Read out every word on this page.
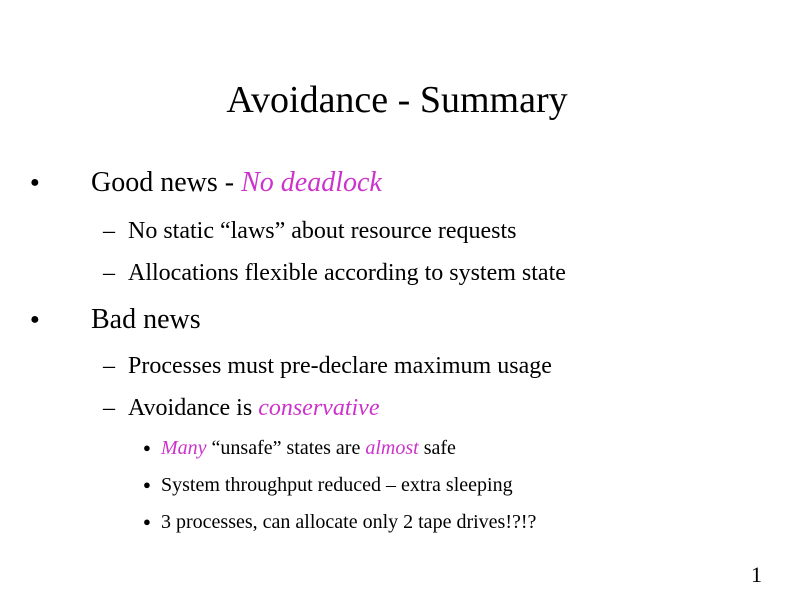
Avoidance - Summary
● Good news - No deadlock
– No static “laws” about resource requests
– Allocations flexible according to system state
● Bad news
– Processes must pre-declare maximum usage
– Avoidance is conservative
● Many “unsafe” states are almost safe
● System throughput reduced – extra sleeping
● 3 processes, can allocate only 2 tape drives!?!?
1
